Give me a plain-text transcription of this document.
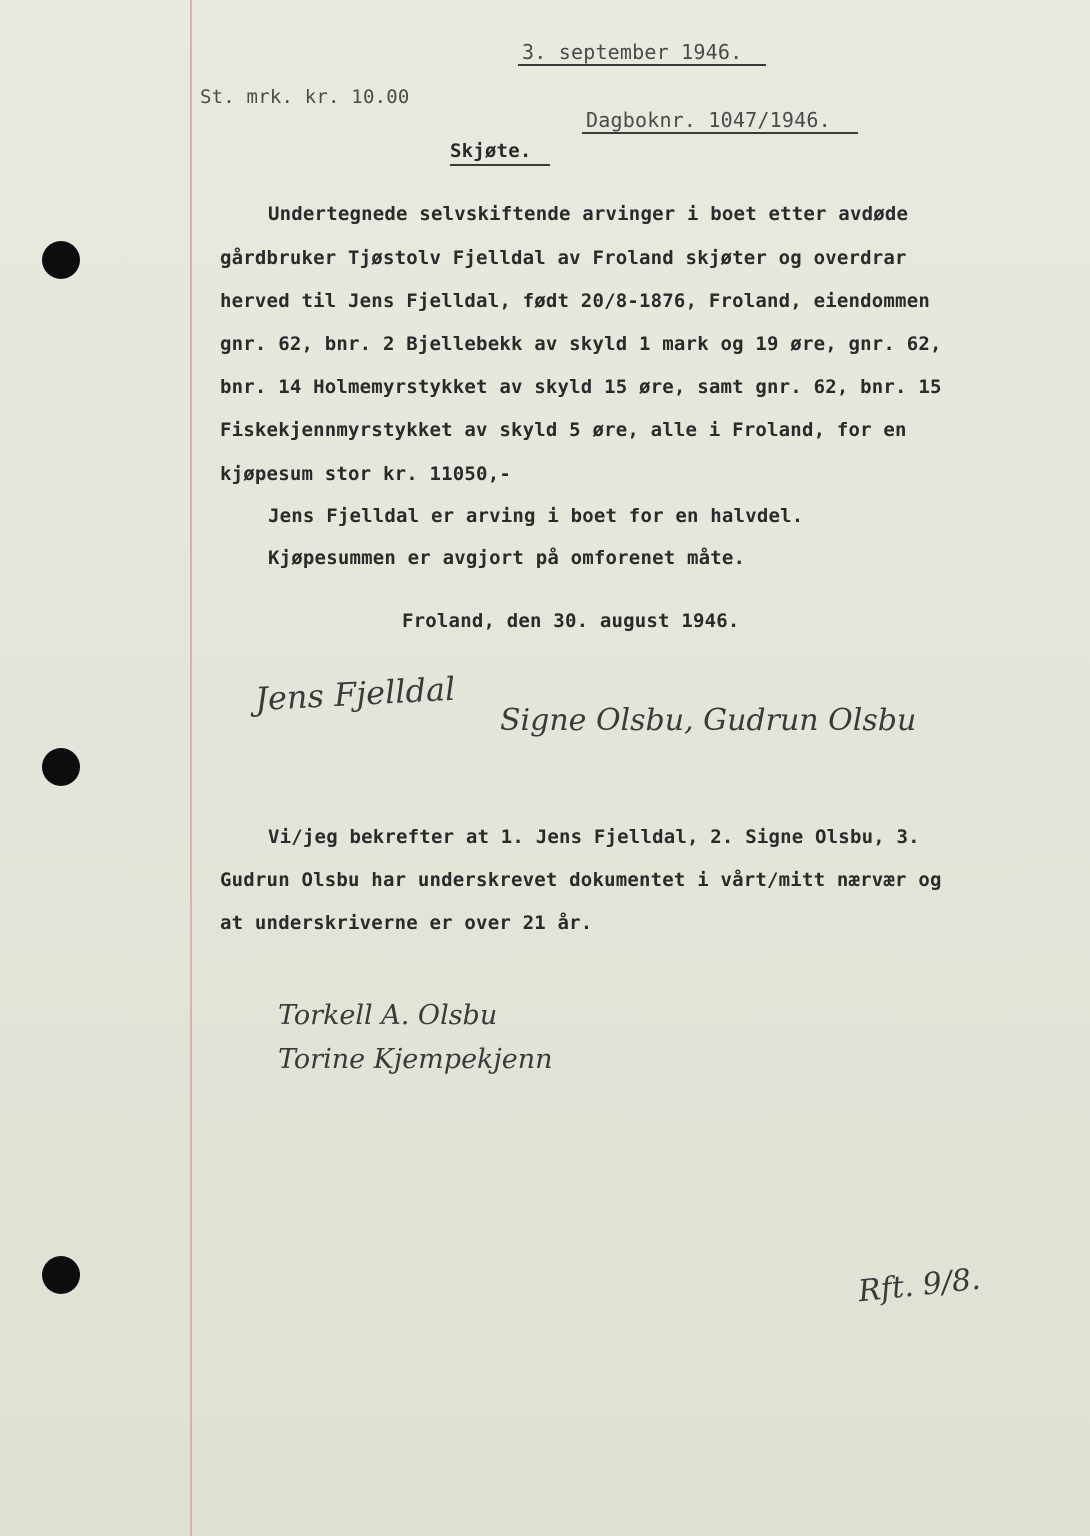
3. september 1946.
St. mrk. kr. 10.00
Dagboknr. 1047/1946.
Skjøte.
Undertegnede selvskiftende arvinger i boet etter avdøde
gårdbruker Tjøstolv Fjelldal av Froland skjøter og overdrar
herved til Jens Fjelldal, født 20/8-1876, Froland, eiendommen
gnr. 62, bnr. 2 Bjellebekk av skyld 1 mark og 19 øre, gnr. 62,
bnr. 14 Holmemyrstykket av skyld 15 øre, samt gnr. 62, bnr. 15
Fiskekjennmyrstykket av skyld 5 øre, alle i Froland, for en
kjøpesum stor kr. 11050,-
Jens Fjelldal er arving i boet for en halvdel.
Kjøpesummen er avgjort på omforenet måte.
Froland, den 30. august 1946.
Jens Fjelldal
Signe Olsbu, Gudrun Olsbu
Vi/jeg bekrefter at 1. Jens Fjelldal, 2. Signe Olsbu, 3.
Gudrun Olsbu har underskrevet dokumentet i vårt/mitt nærvær og
at underskriverne er over 21 år.
Torkell A. Olsbu
Torine Kjempekjenn
Rft. 9/8.
